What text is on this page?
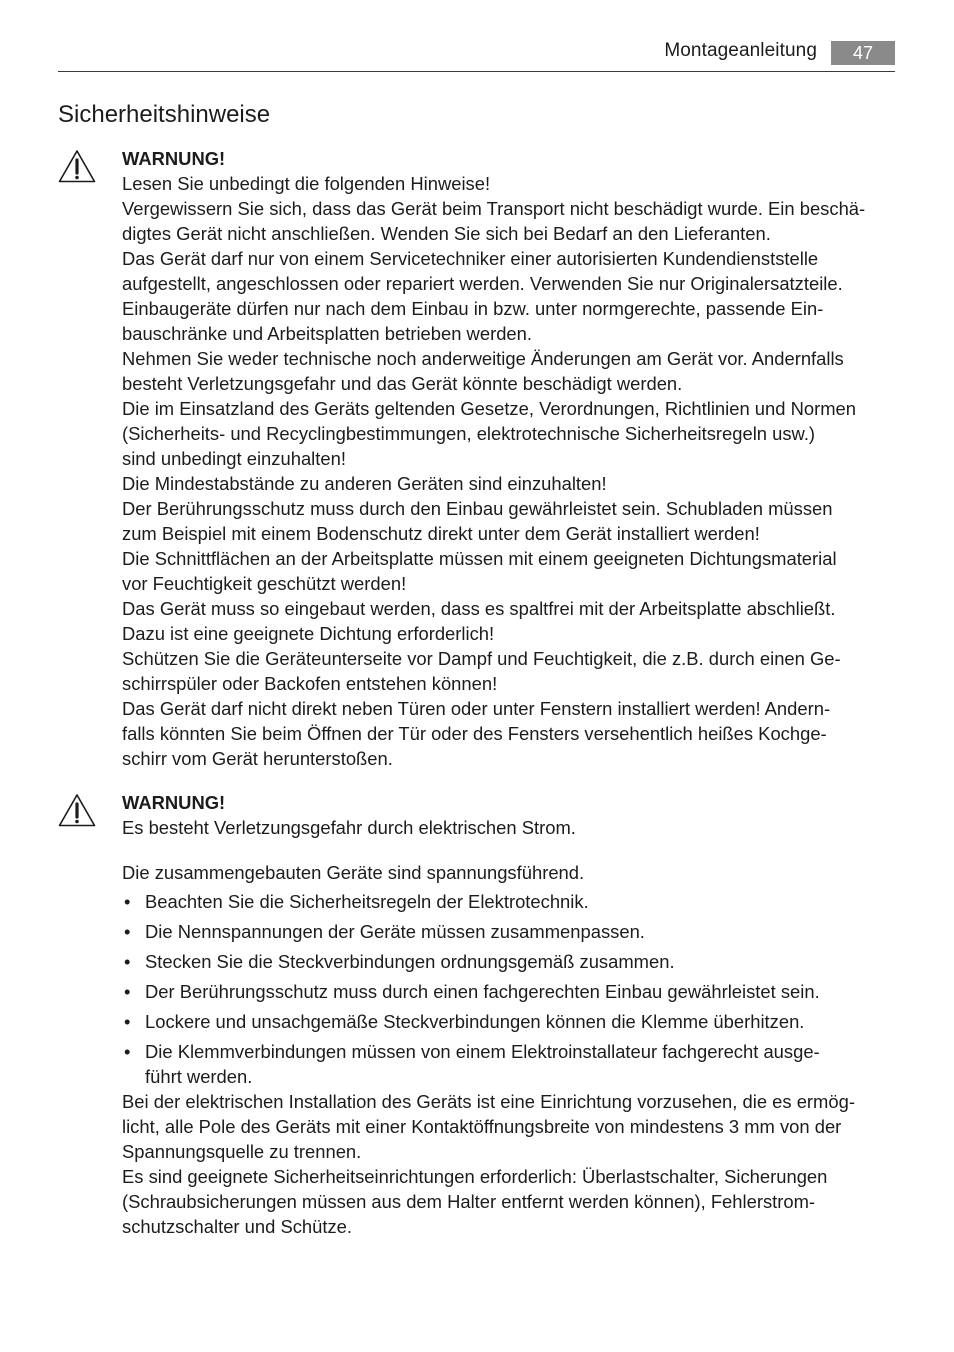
Montageanleitung	47
Sicherheitshinweise
WARNUNG!
Lesen Sie unbedingt die folgenden Hinweise!
Vergewissern Sie sich, dass das Gerät beim Transport nicht beschädigt wurde. Ein beschä-
digtes Gerät nicht anschließen. Wenden Sie sich bei Bedarf an den Lieferanten.
Das Gerät darf nur von einem Servicetechniker einer autorisierten Kundendienststelle
aufgestellt, angeschlossen oder repariert werden. Verwenden Sie nur Originalersatzteile.
Einbaugeräte dürfen nur nach dem Einbau in bzw. unter normgerechte, passende Ein-
bauschränke und Arbeitsplatten betrieben werden.
Nehmen Sie weder technische noch anderweitige Änderungen am Gerät vor. Andernfalls
besteht Verletzungsgefahr und das Gerät könnte beschädigt werden.
Die im Einsatzland des Geräts geltenden Gesetze, Verordnungen, Richtlinien und Normen
(Sicherheits- und Recyclingbestimmungen, elektrotechnische Sicherheitsregeln usw.)
sind unbedingt einzuhalten!
Die Mindestabstände zu anderen Geräten sind einzuhalten!
Der Berührungsschutz muss durch den Einbau gewährleistet sein. Schubladen müssen
zum Beispiel mit einem Bodenschutz direkt unter dem Gerät installiert werden!
Die Schnittflächen an der Arbeitsplatte müssen mit einem geeigneten Dichtungsmaterial
vor Feuchtigkeit geschützt werden!
Das Gerät muss so eingebaut werden, dass es spaltfrei mit der Arbeitsplatte abschließt.
Dazu ist eine geeignete Dichtung erforderlich!
Schützen Sie die Geräteunterseite vor Dampf und Feuchtigkeit, die z.B. durch einen Ge-
schirrspüler oder Backofen entstehen können!
Das Gerät darf nicht direkt neben Türen oder unter Fenstern installiert werden! Andern-
falls könnten Sie beim Öffnen der Tür oder des Fensters versehentlich heißes Kochge-
schirr vom Gerät herunterstoßen.
WARNUNG!
Es besteht Verletzungsgefahr durch elektrischen Strom.
Die zusammengebauten Geräte sind spannungsführend.
• Beachten Sie die Sicherheitsregeln der Elektrotechnik.
• Die Nennspannungen der Geräte müssen zusammenpassen.
• Stecken Sie die Steckverbindungen ordnungsgemäß zusammen.
• Der Berührungsschutz muss durch einen fachgerechten Einbau gewährleistet sein.
• Lockere und unsachgemäße Steckverbindungen können die Klemme überhitzen.
• Die Klemmverbindungen müssen von einem Elektroinstallateur fachgerecht ausge-
führt werden.
Bei der elektrischen Installation des Geräts ist eine Einrichtung vorzusehen, die es ermög-
licht, alle Pole des Geräts mit einer Kontaktöffnungsbreite von mindestens 3 mm von der
Spannungsquelle zu trennen.
Es sind geeignete Sicherheitseinrichtungen erforderlich: Überlastschalter, Sicherungen
(Schraubsicherungen müssen aus dem Halter entfernt werden können), Fehlerstrom-
schutzschalter und Schütze.
